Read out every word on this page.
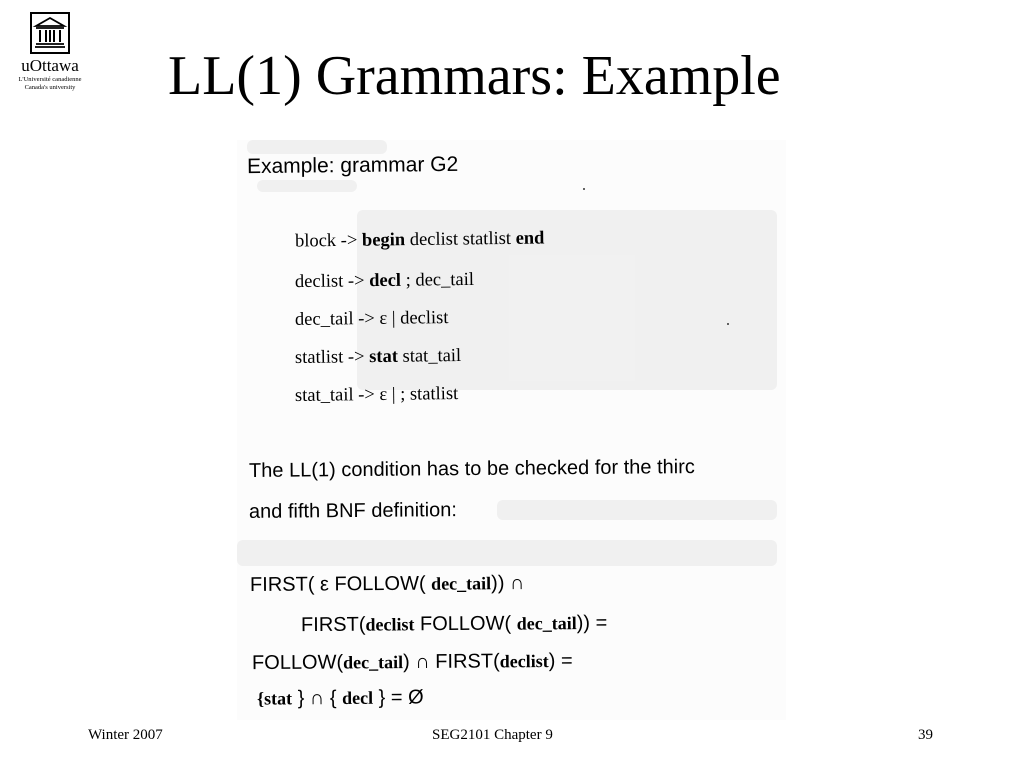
uOttawa
L'Université canadienne
Canada's university LL(1) Grammars: Example
Example: grammar G2
block -> begin declist statlist end
declist -> decl ; dec_tail
dec_tail -> ε | declist
statlist -> stat stat_tail
stat_tail -> ε | ; statlist
The LL(1) condition has to be checked for the thirc
and fifth BNF definition:
FIRST( ε FOLLOW( dec_tail)) ∩
FIRST(declist FOLLOW( dec_tail)) =
FOLLOW(dec_tail) ∩ FIRST(declist) =
{stat } ∩ { decl } = Ø
Winter 2007	SEG2101 Chapter 9	39
